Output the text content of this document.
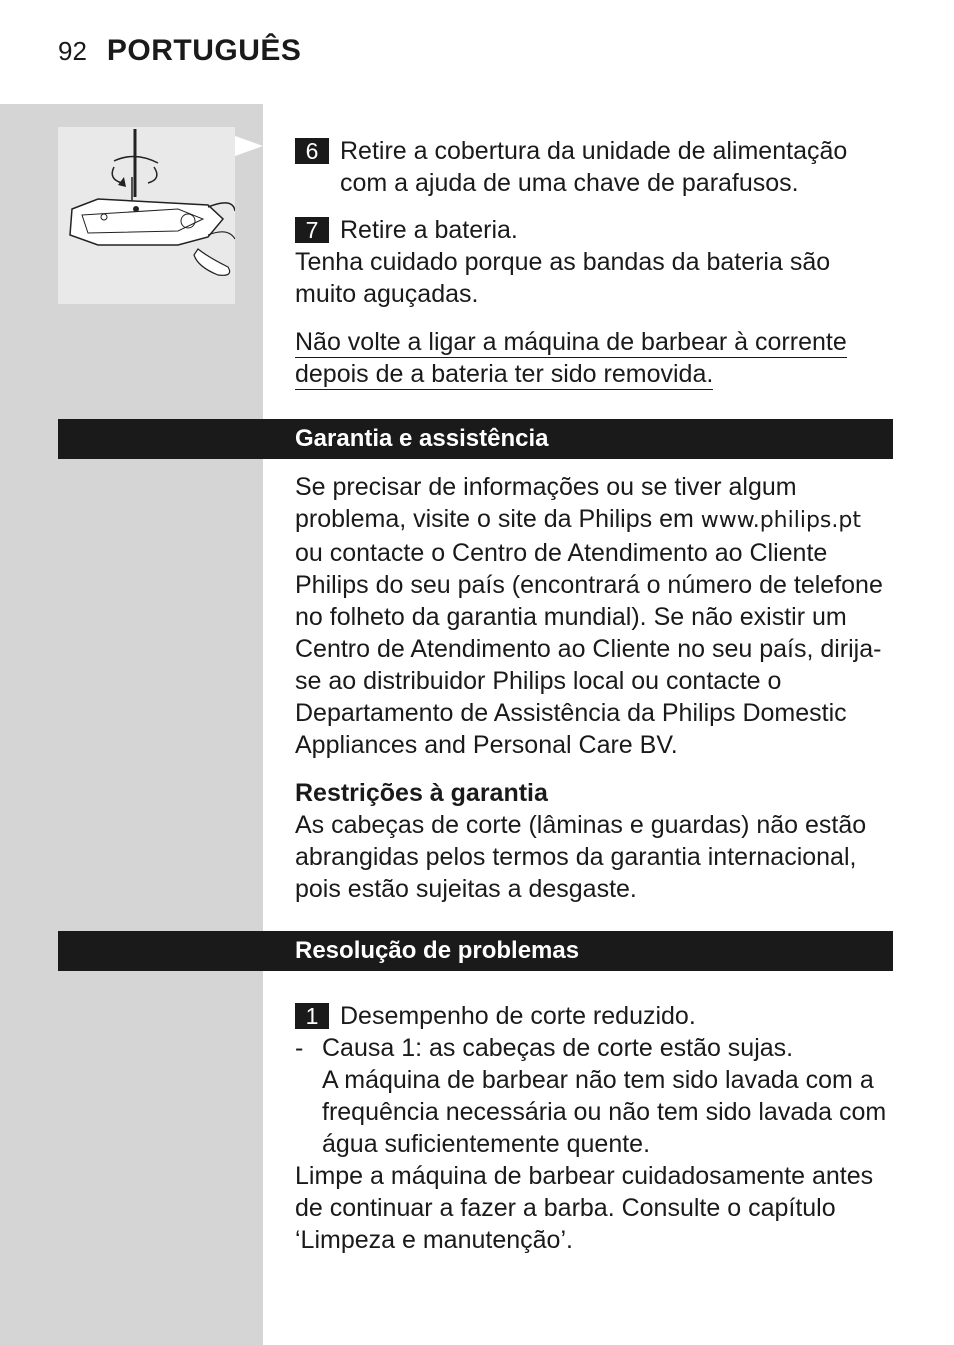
92 PORTUGUÊS
6 Retire a cobertura da unidade de alimentação com a ajuda de uma chave de parafusos.
7 Retire a bateria.

Tenha cuidado porque as bandas da bateria são muito aguçadas.

Não volte a ligar a máquina de barbear à corrente
depois de a bateria ter sido removida.

Garantia e assistência

Se precisar de informações ou se tiver algum problema, visite o site da Philips em www.philips.pt ou contacte o Centro de Atendimento ao Cliente Philips do seu país (encontrará o número de telefone no folheto da garantia mundial). Se não existir um Centro de Atendimento ao Cliente no seu país, dirija-se ao distribuidor Philips local ou contacte o Departamento de Assistência da Philips Domestic Appliances and Personal Care BV.

Restrições à garantia

As cabeças de corte (lâminas e guardas) não estão abrangidas pelos termos da garantia internacional, pois estão sujeitas a desgaste.

Resolução de problemas
1 Desempenho de corte reduzido.
- Causa 1: as cabeças de corte estão sujas.
A máquina de barbear não tem sido lavada com a frequência necessária ou não tem sido lavada com água suficientemente quente.

Limpe a máquina de barbear cuidadosamente antes de continuar a fazer a barba. Consulte o capítulo ‘Limpeza e manutenção’.
